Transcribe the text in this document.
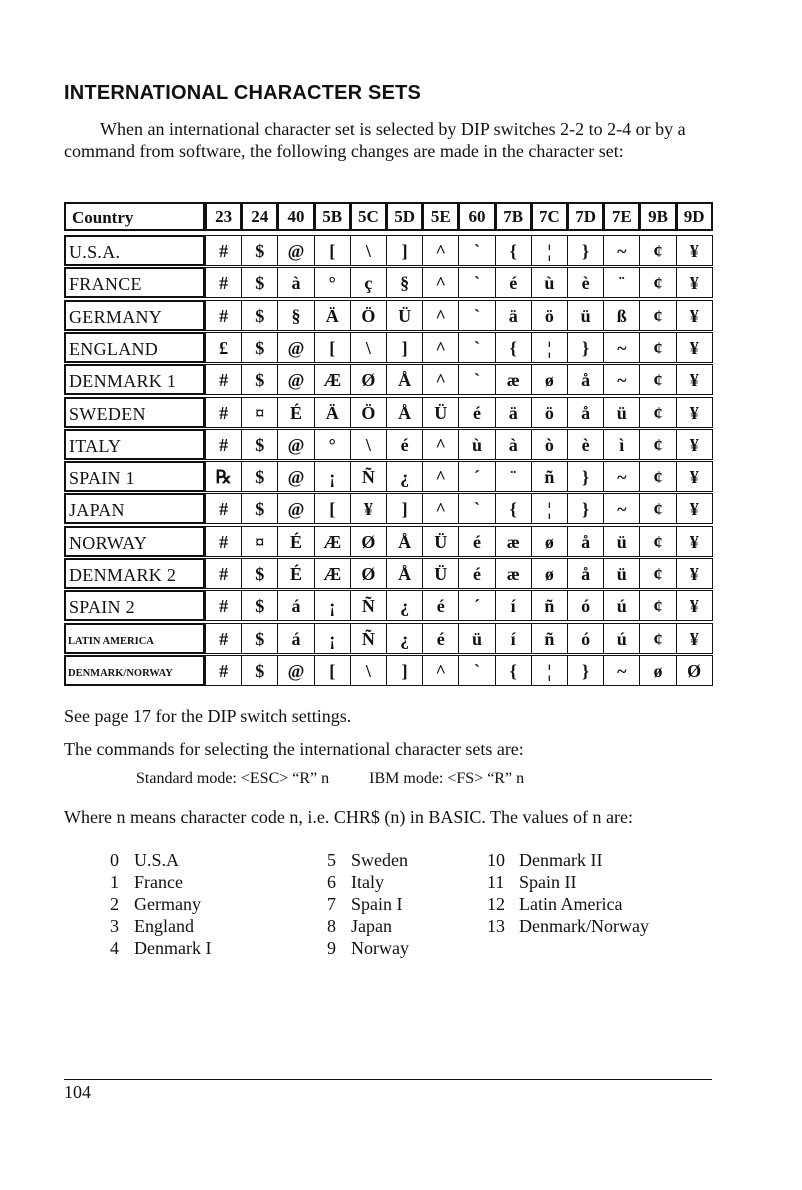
INTERNATIONAL CHARACTER SETS
When an international character set is selected by DIP switches 2-2 to 2-4 or by a command from software, the following changes are made in the character set:
Country	23	24	40	5B 5C 5D 5E	60	7B 7C 7D 7E 9B 9D
U.S.A.	#	$	@	[	\	]	^	`	{	¦	}	~	¢	¥
FRANCE	#	$	à	°	ç	§	^	`	é	ù	è	¨	¢	¥
GERMANY	#	$	§	Ä	Ö	Ü	^	`	ä	ö	ü	ß	¢	¥
ENGLAND	£	$	@	[	\	]	^	`	{	¦	}	~	¢	¥
DENMARK 1	#	$	@	Æ	Ø	Å	^	`	æ	ø	å	~	¢	¥
SWEDEN	#	¤	É	Ä	Ö	Å	Ü	é	ä	ö	å	ü	¢	¥
ITALY	#	$	@	°	\	é	^	ù	à	ò	è	ì	¢	¥
SPAIN 1	℞	$	@	¡	Ñ	¿	^	´	¨	ñ	}	~	¢	¥
JAPAN	#	$	@	[	¥	]	^	`	{	¦	}	~	¢	¥
NORWAY	#	¤	É	Æ	Ø	Å	Ü	é	æ	ø	å	ü	¢	¥
DENMARK 2	#	$	É	Æ	Ø	Å	Ü	é	æ	ø	å	ü	¢	¥
SPAIN 2	#	$	á	¡	Ñ	¿	é	´	í	ñ	ó	ú	¢	¥
LATIN AMERICA	#	$	á	¡	Ñ	¿	é	ü	í	ñ	ó	ú	¢	¥
DENMARK/NORWAY	#	$	@	[	\	]	^	`	{	¦	}	~	ø	Ø
See page 17 for the DIP switch settings.
The commands for selecting the international character sets are:
Standard mode: <ESC> “R” n	IBM mode: <FS> “R” n
Where n means character code n, i.e. CHR$ (n) in BASIC. The values of n are:
0 U.S.A
1 France
2 Germany
3 England
4 Denmark I
5 Sweden
6 Italy
7 Spain I
8 Japan
9 Norway
10 Denmark II
11 Spain II
12 Latin America
13 Denmark/Norway
104
